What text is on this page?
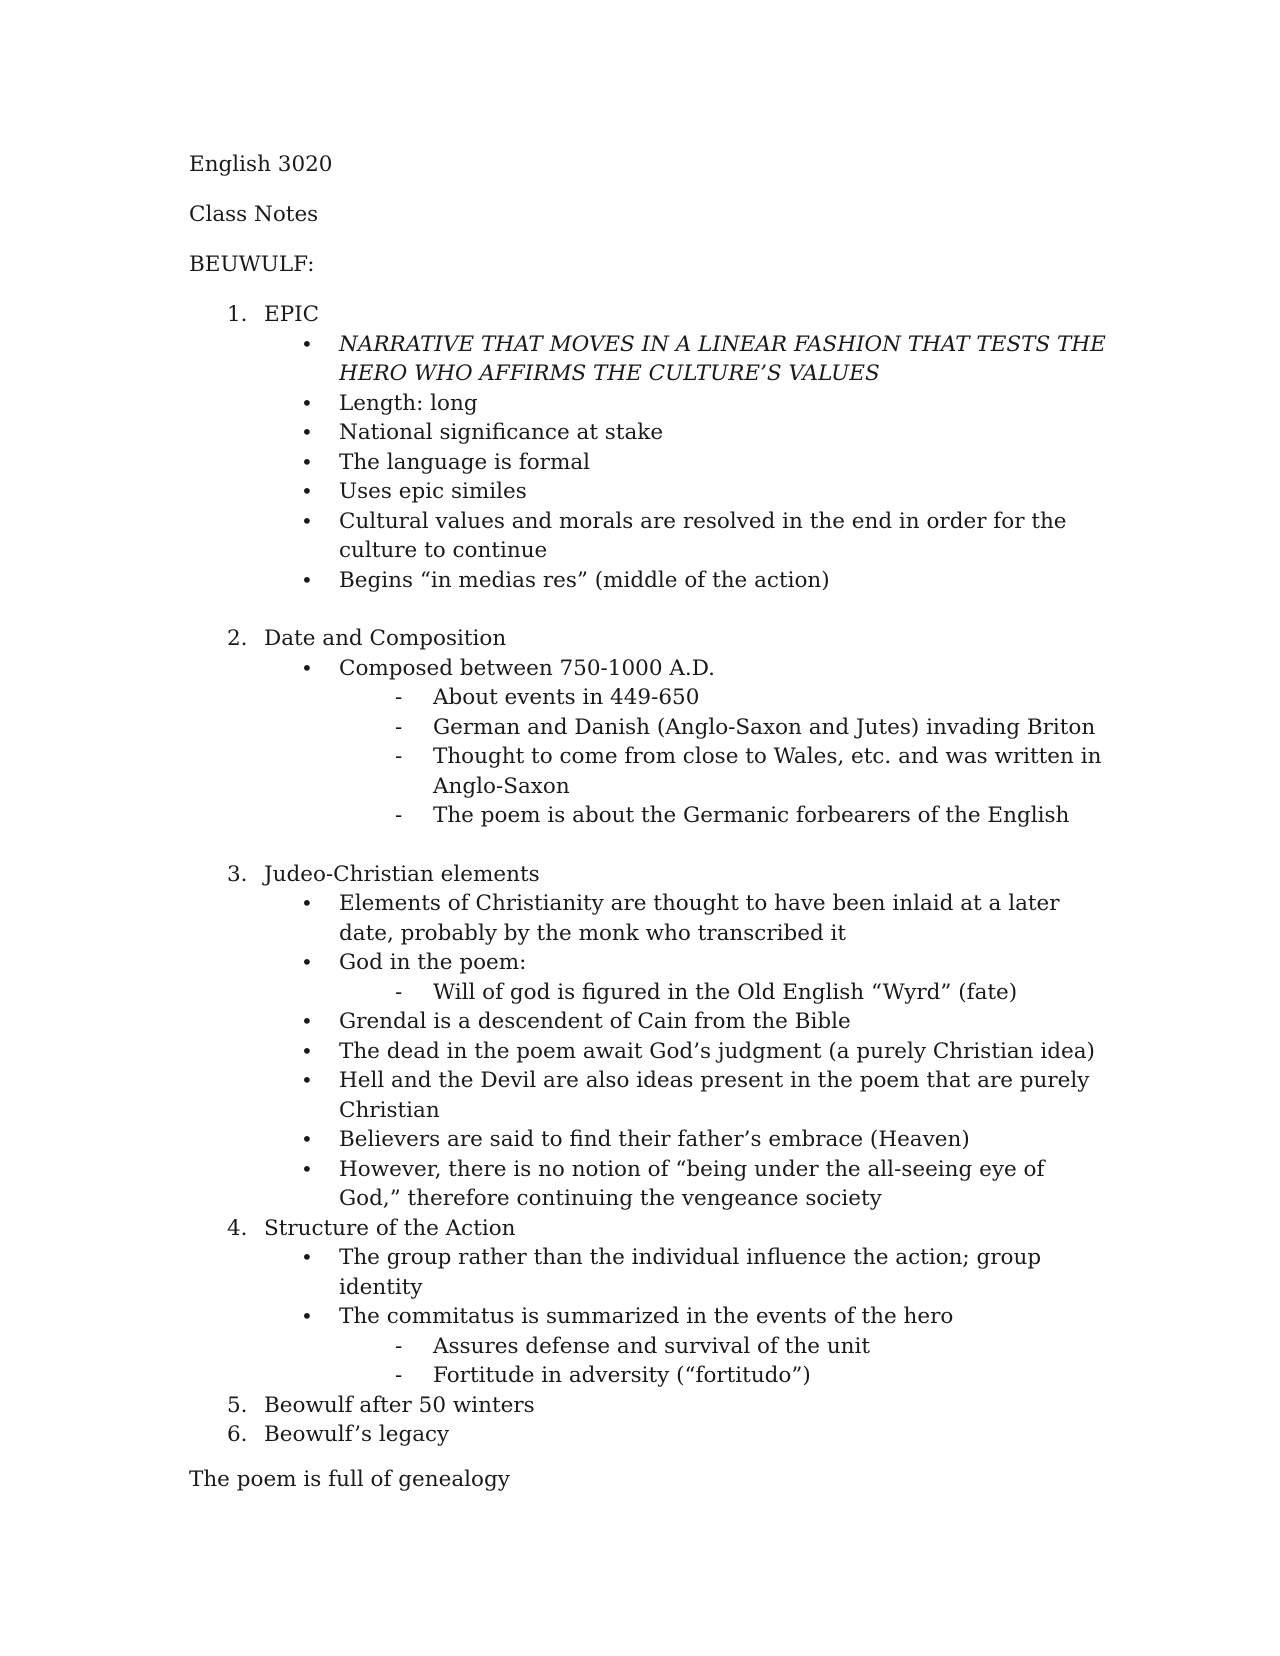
English 3020

Class Notes

BEUWULF:

1. EPIC
• NARRATIVE THAT MOVES IN A LINEAR FASHION THAT TESTS THE HERO WHO AFFIRMS THE CULTURE’S VALUES
• Length: long
• National significance at stake
• The language is formal
• Uses epic similes
• Cultural values and morals are resolved in the end in order for the culture to continue
• Begins “in medias res” (middle of the action)
2. Date and Composition
• Composed between 750-1000 A.D.
- About events in 449-650
- German and Danish (Anglo-Saxon and Jutes) invading Briton
- Thought to come from close to Wales, etc. and was written in Anglo-Saxon
- The poem is about the Germanic forbearers of the English
3. Judeo-Christian elements
• Elements of Christianity are thought to have been inlaid at a later date, probably by the monk who transcribed it
• God in the poem:
- Will of god is figured in the Old English “Wyrd” (fate)
• Grendal is a descendent of Cain from the Bible
• The dead in the poem await God’s judgment (a purely Christian idea)
• Hell and the Devil are also ideas present in the poem that are purely Christian
• Believers are said to find their father’s embrace (Heaven)
• However, there is no notion of “being under the all-seeing eye of God,” therefore continuing the vengeance society
4. Structure of the Action
• The group rather than the individual influence the action; group identity
• The commitatus is summarized in the events of the hero
- Assures defense and survival of the unit
- Fortitude in adversity (“fortitudo”)
5. Beowulf after 50 winters
6. Beowulf’s legacy

The poem is full of genealogy
